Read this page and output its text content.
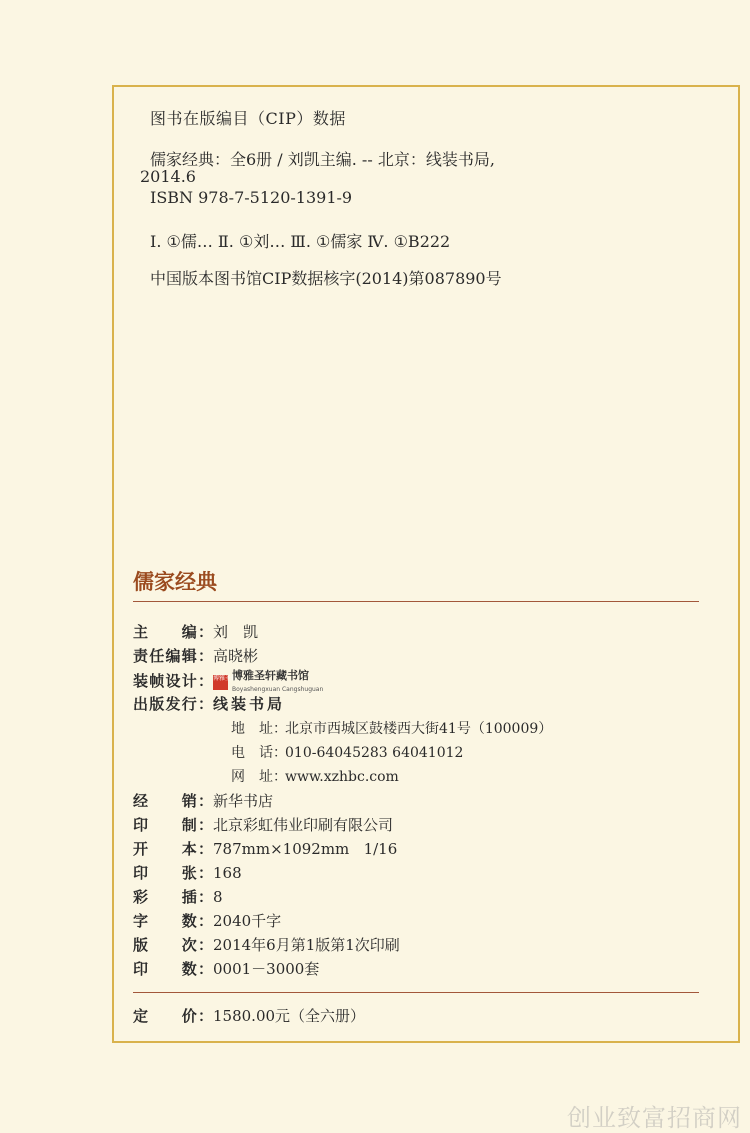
图书在版编目（CIP）数据
儒家经典：全6册 / 刘凯主编. -- 北京：线装书局,
2014.6
ISBN 978-7-5120-1391-9
Ⅰ. ①儒… Ⅱ. ①刘… Ⅲ. ①儒家 Ⅳ. ①B222
中国版本图书馆CIP数据核字(2014)第087890号
儒家经典
主　　编：刘　凯
责任编辑：高晓彬
装帧设计： 博雅圣轩
博雅圣轩藏书馆
Boyashengxuan Cangshuguan
出版发行：线装书局
地　址：北京市西城区鼓楼西大街41号（100009）
电　话：010-64045283 64041012
网　址：www.xzhbc.com
经　　销：新华书店
印　　制：北京彩虹伟业印刷有限公司
开　　本：787mm×1092mm   1/16
印　　张：168
彩　　插：8
字　　数：2040千字
版　　次：2014年6月第1版第1次印刷
印　　数：0001－3000套
定　　价：1580.00元（全六册）
创业致富招商网
